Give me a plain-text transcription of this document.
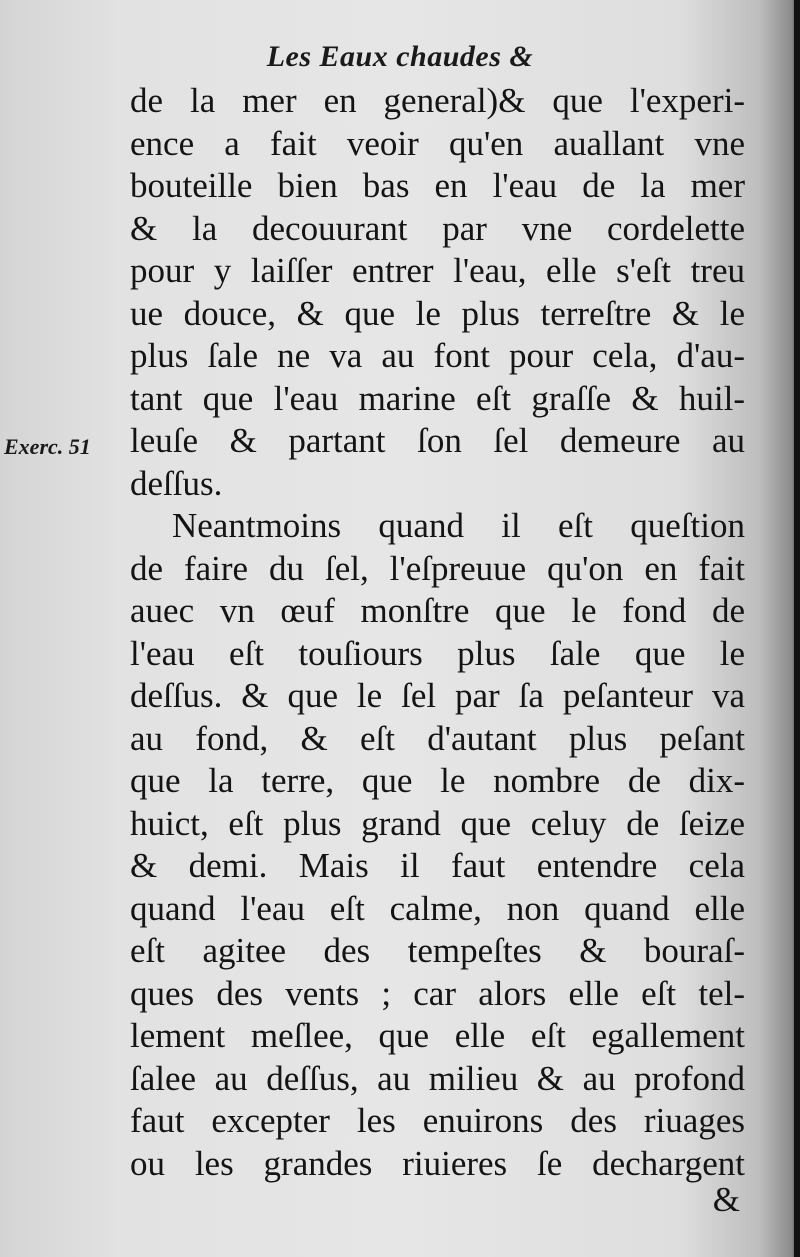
Les Eaux chaudes &
Exerc. 51
de la mer en general)& que l'experi-
ence a fait veoir qu'en auallant vne
bouteille bien bas en l'eau de la mer
& la decouurant par vne cordelette
pour y laiſſer entrer l'eau, elle s'eſt treu
ue douce, & que le plus terreſtre & le
plus ſale ne va au font pour cela, d'au-
tant que l'eau marine eſt graſſe & huil-
leuſe & partant ſon ſel demeure au
deſſus.
Neantmoins quand il eſt queſtion
de faire du ſel, l'eſpreuue qu'on en fait
auec vn œuf monſtre que le fond de
l'eau eſt touſiours plus ſale que le
deſſus. & que le ſel par ſa peſanteur va
au fond, & eſt d'autant plus peſant
que la terre, que le nombre de dix-
huict, eſt plus grand que celuy de ſeize
& demi. Mais il faut entendre cela
quand l'eau eſt calme, non quand elle
eſt agitee des tempeſtes & bouraſ-
ques des vents ; car alors elle eſt tel-
lement meſlee, que elle eſt egallement
ſalee au deſſus, au milieu & au profond
faut excepter les enuirons des riuages
ou les grandes riuieres ſe dechargent
&
